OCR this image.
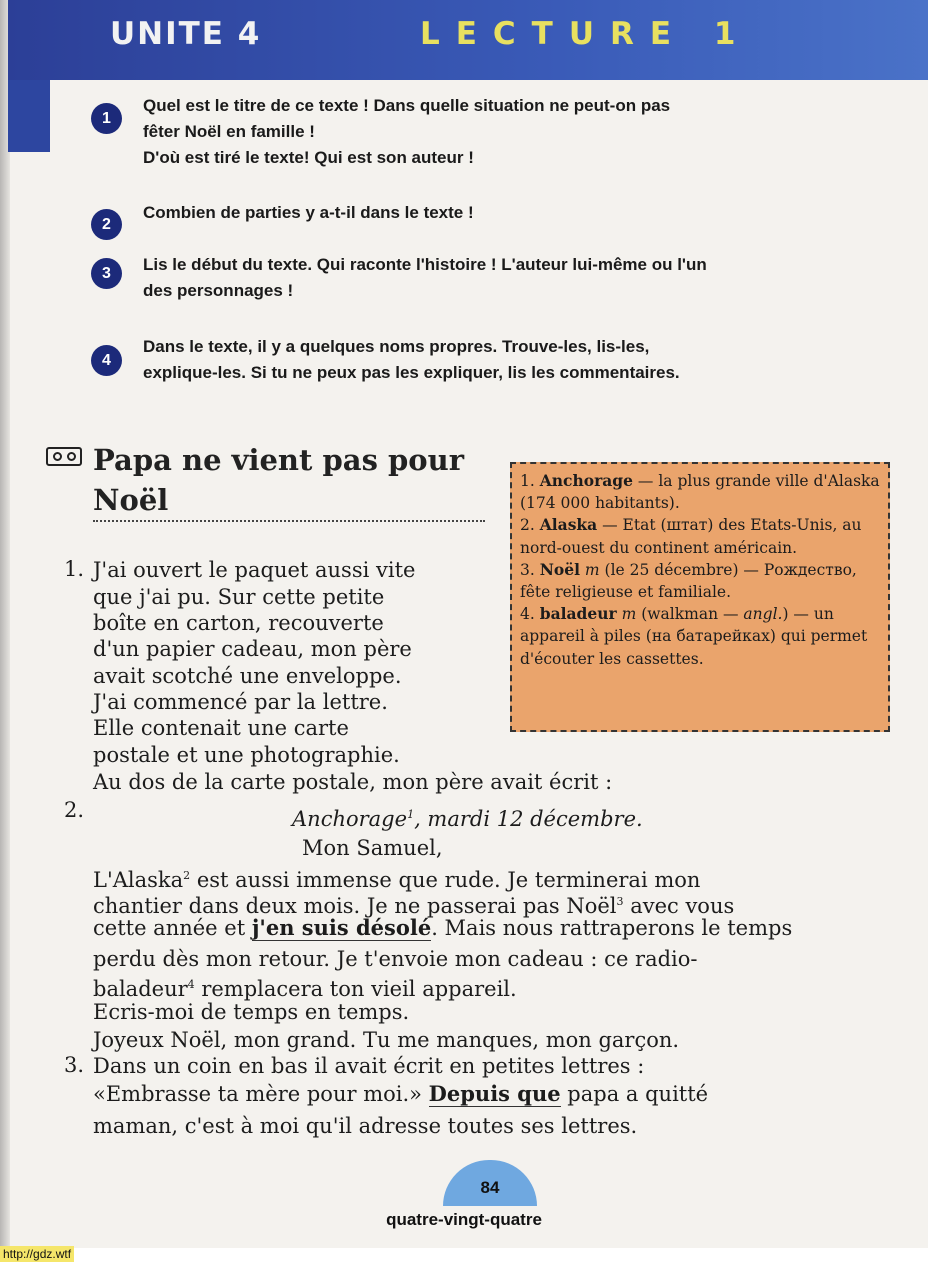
UNITE 4	LECTURE 1
1
Quel est le titre de ce texte ! Dans quelle situation ne peut-on pas
fêter Noël en famille !
D'où est tiré le texte! Qui est son auteur !
2
Combien de parties y a-t-il dans le texte !
3	Lis le début du texte. Qui raconte l'histoire ! L'auteur lui-même ou l'un
des personnages !
4
Dans le texte, il y a quelques noms propres. Trouve-les, lis-les,
explique-les. Si tu ne peux pas les expliquer, lis les commentaires.
Papa ne vient pas pour
Noël
1. J'ai ouvert le paquet aussi vite
que j'ai pu. Sur cette petite
boîte en carton, recouverte
d'un papier cadeau, mon père
avait scotché une enveloppe.
J'ai commencé par la lettre.
Elle contenait une carte
postale et une photographie.
Au dos de la carte postale, mon père avait écrit :
2.	Anchorage$^1$, mardi 12 décembre.
Mon Samuel,
L'Alaska$^2$ est aussi immense que rude. Je terminerai mon
chantier dans deux mois. Je ne passerai pas Noël$^3$ avec vous
cette année et j'en suis désolé. Mais nous rattraperons le temps
perdu dès mon retour. Je t'envoie mon cadeau : ce radio-
baladeur$^4$ remplacera ton vieil appareil.
Ecris-moi de temps en temps.
Joyeux Noël, mon grand. Tu me manques, mon garçon.
3. Dans un coin en bas il avait écrit en petites lettres :
«Embrasse ta mère pour moi.» Depuis que papa a quitté
maman, c'est à moi qu'il adresse toutes ses lettres.

1. Anchorage — la plus grande ville d'Alaska (174 000 habitants).

2. Alaska — Etat (штат) des Etats-Unis, au nord-ouest du continent américain.

3. Noël m (le 25 décembre) — Рождество, fête religieuse et familiale.

4. baladeur m (walkman — angl.) — un appareil à piles (на батарейках) qui permet d'écouter les cassettes.

84
quatre-vingt-quatre
http://gdz.wtf
